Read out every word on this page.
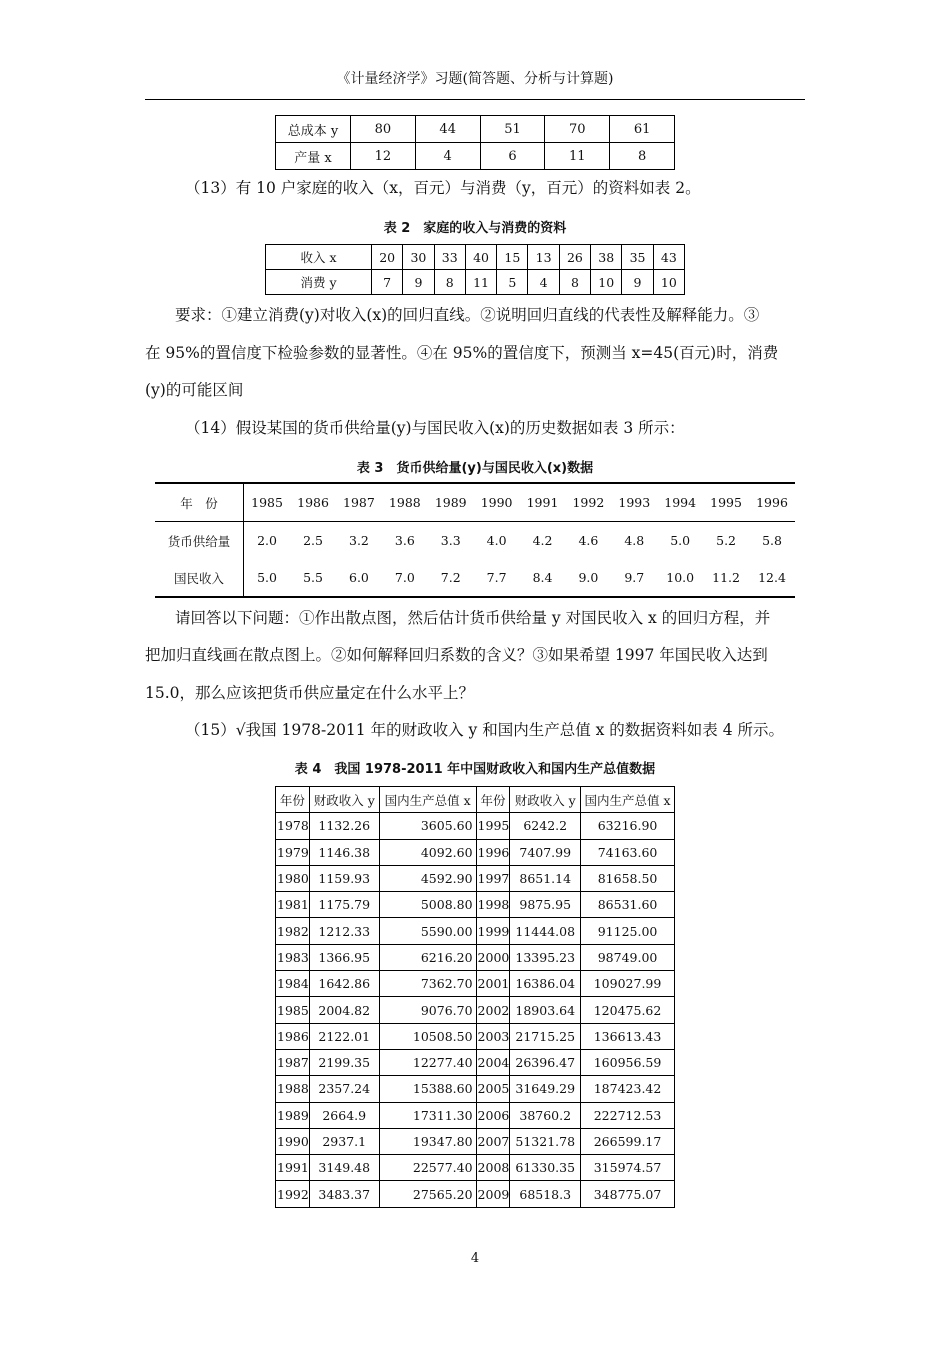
《计量经济学》习题(简答题、分析与计算题)
总成本 y	80	44	51	70	61
产量 x	12	4	6	11	8
（13）有 10 户家庭的收入（x，百元）与消费（y，百元）的资料如表 2。
表 2　家庭的收入与消费的资料
收入 x	20	30	33	40	15	13	26	38	35	43
消费 y	7	9	8	11	5	4	8	10	9	10
要求：①建立消费(y)对收入(x)的回归直线。②说明回归直线的代表性及解释能力。③
在 95%的置信度下检验参数的显著性。④在 95%的置信度下，预测当 x=45(百元)时，消费
(y)的可能区间
（14）假设某国的货币供给量(y)与国民收入(x)的历史数据如表 3 所示：
表 3　货币供给量(y)与国民收入(x)数据
年　份	1985	1986	1987	1988	1989	1990	1991	1992	1993	1994	1995	1996
货币供给量	2.0	2.5	3.2	3.6	3.3	4.0	4.2	4.6	4.8	5.0	5.2	5.8
国民收入	5.0	5.5	6.0	7.0	7.2	7.7	8.4	9.0	9.7	10.0	11.2	12.4
请回答以下问题：①作出散点图，然后估计货币供给量 y 对国民收入 x 的回归方程，并
把加归直线画在散点图上。②如何解释回归系数的含义？③如果希望 1997 年国民收入达到
15.0，那么应该把货币供应量定在什么水平上？
（15）√我国 1978-2011 年的财政收入 y 和国内生产总值 x 的数据资料如表 4 所示。
表 4　我国 1978-2011 年中国财政收入和国内生产总值数据
年份	财政收入 y	国内生产总值 x	年份	财政收入 y	国内生产总值 x
1978	1132.26	3605.60	1995	6242.2	63216.90
1979	1146.38	4092.60	1996	7407.99	74163.60
1980	1159.93	4592.90	1997	8651.14	81658.50
1981	1175.79	5008.80	1998	9875.95	86531.60
1982	1212.33	5590.00	1999	11444.08	91125.00
1983	1366.95	6216.20	2000	13395.23	98749.00
1984	1642.86	7362.70	2001	16386.04	109027.99
1985	2004.82	9076.70	2002	18903.64	120475.62
1986	2122.01	10508.50	2003	21715.25	136613.43
1987	2199.35	12277.40	2004	26396.47	160956.59
1988	2357.24	15388.60	2005	31649.29	187423.42
1989	2664.9	17311.30	2006	38760.2	222712.53
1990	2937.1	19347.80	2007	51321.78	266599.17
1991	3149.48	22577.40	2008	61330.35	315974.57
1992	3483.37	27565.20	2009	68518.3	348775.07
4
